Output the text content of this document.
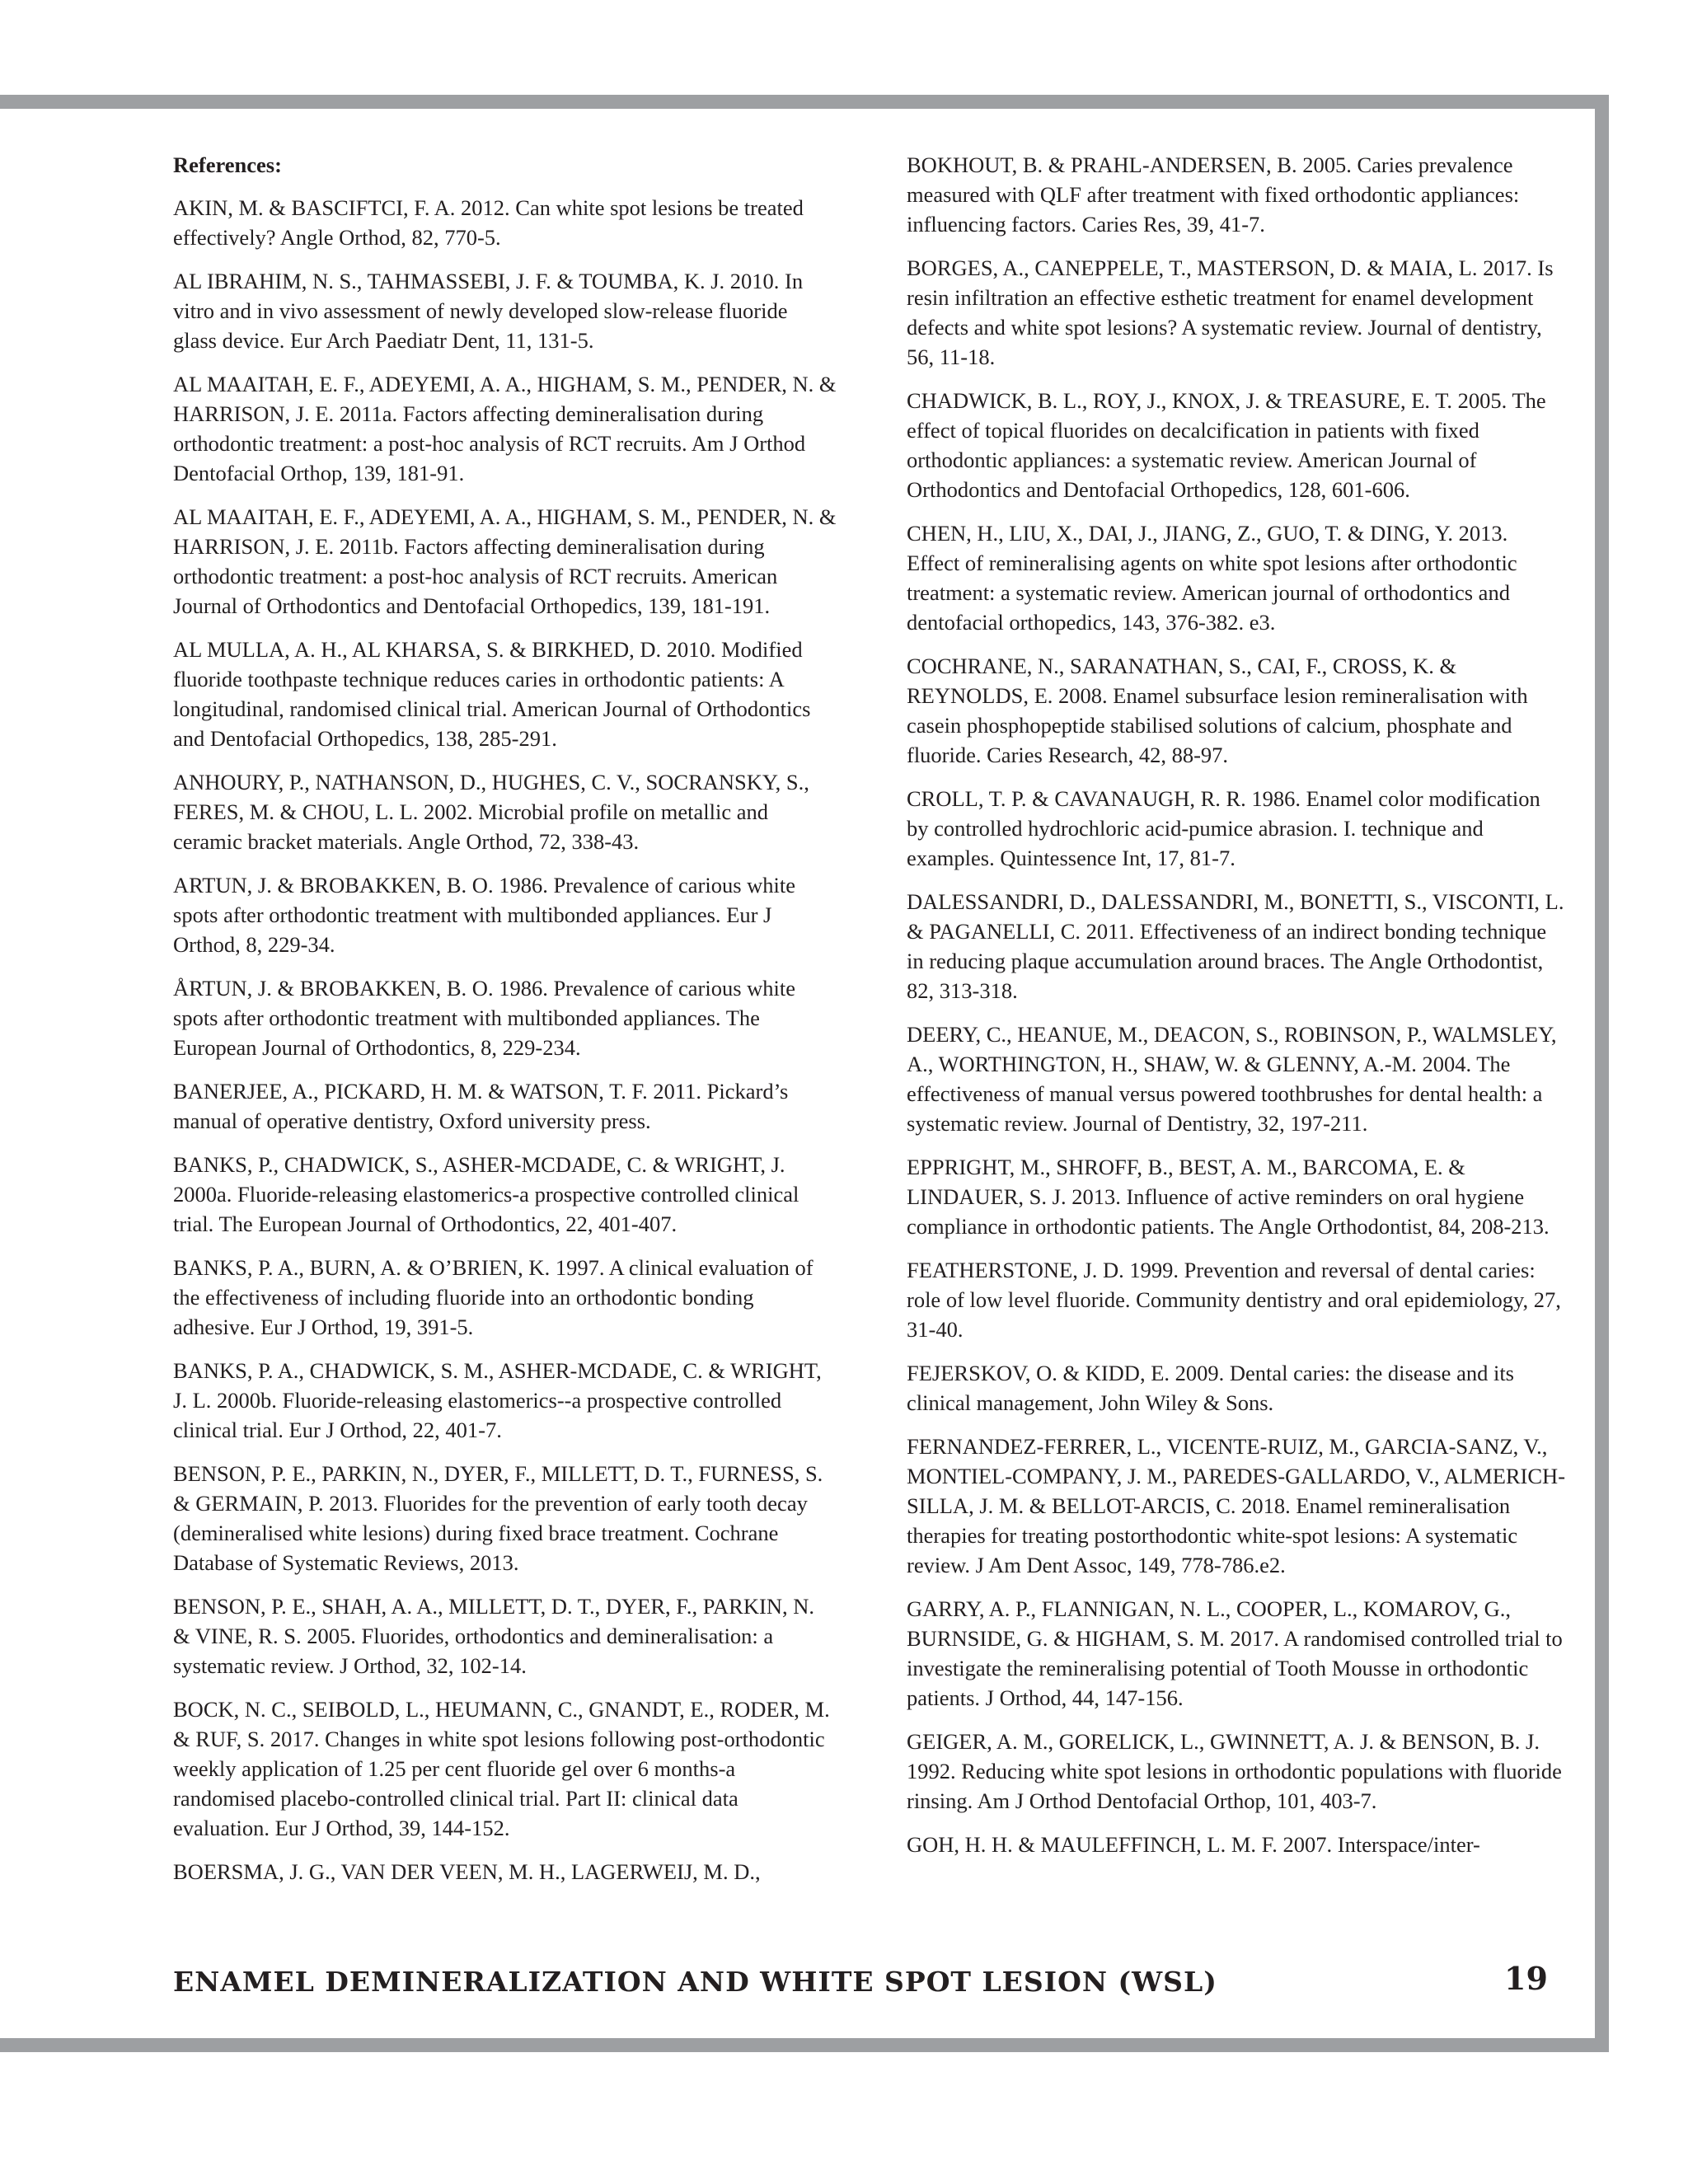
References:
AKIN, M. & BASCIFTCI, F. A. 2012. Can white spot lesions be treated effectively? Angle Orthod, 82, 770-5.
AL IBRAHIM, N. S., TAHMASSEBI, J. F. & TOUMBA, K. J. 2010. In vitro and in vivo assessment of newly developed slow-release fluoride glass device. Eur Arch Paediatr Dent, 11, 131-5.
AL MAAITAH, E. F., ADEYEMI, A. A., HIGHAM, S. M., PENDER, N. & HARRISON, J. E. 2011a. Factors affecting demineralisation during orthodontic treatment: a post-hoc analysis of RCT recruits. Am J Orthod Dentofacial Orthop, 139, 181-91.
AL MAAITAH, E. F., ADEYEMI, A. A., HIGHAM, S. M., PENDER, N. & HARRISON, J. E. 2011b. Factors affecting demineralisation during orthodontic treatment: a post-hoc analysis of RCT recruits. American Journal of Orthodontics and Dentofacial Orthopedics, 139, 181-191.
AL MULLA, A. H., AL KHARSA, S. & BIRKHED, D. 2010. Modified fluoride toothpaste technique reduces caries in orthodontic patients: A longitudinal, randomised clinical trial. American Journal of Orthodontics and Dentofacial Orthopedics, 138, 285-291.
ANHOURY, P., NATHANSON, D., HUGHES, C. V., SOCRANSKY, S., FERES, M. & CHOU, L. L. 2002. Microbial profile on metallic and ceramic bracket materials. Angle Orthod, 72, 338-43.
ARTUN, J. & BROBAKKEN, B. O. 1986. Prevalence of carious white spots after orthodontic treatment with multibonded appliances. Eur J Orthod, 8, 229-34.
ÅRTUN, J. & BROBAKKEN, B. O. 1986. Prevalence of carious white spots after orthodontic treatment with multibonded appliances. The European Journal of Orthodontics, 8, 229-234.
BANERJEE, A., PICKARD, H. M. & WATSON, T. F. 2011. Pickard’s manual of operative dentistry, Oxford university press.
BANKS, P., CHADWICK, S., ASHER-MCDADE, C. & WRIGHT, J. 2000a. Fluoride-releasing elastomerics-a prospective controlled clinical trial. The European Journal of Orthodontics, 22, 401-407.
BANKS, P. A., BURN, A. & O’BRIEN, K. 1997. A clinical evaluation of the effectiveness of including fluoride into an orthodontic bonding adhesive. Eur J Orthod, 19, 391-5.
BANKS, P. A., CHADWICK, S. M., ASHER-MCDADE, C. & WRIGHT, J. L. 2000b. Fluoride-releasing elastomerics--a prospective controlled clinical trial. Eur J Orthod, 22, 401-7.
BENSON, P. E., PARKIN, N., DYER, F., MILLETT, D. T., FURNESS, S. & GERMAIN, P. 2013. Fluorides for the prevention of early tooth decay (demineralised white lesions) during fixed brace treatment. Cochrane Database of Systematic Reviews, 2013.
BENSON, P. E., SHAH, A. A., MILLETT, D. T., DYER, F., PARKIN, N. & VINE, R. S. 2005. Fluorides, orthodontics and demineralisation: a systematic review. J Orthod, 32, 102-14.
BOCK, N. C., SEIBOLD, L., HEUMANN, C., GNANDT, E., RODER, M. & RUF, S. 2017. Changes in white spot lesions following post-orthodontic weekly application of 1.25 per cent fluoride gel over 6 months-a randomised placebo-controlled clinical trial. Part II: clinical data evaluation. Eur J Orthod, 39, 144-152.
BOERSMA, J. G., VAN DER VEEN, M. H., LAGERWEIJ, M. D.,
BOKHOUT, B. & PRAHL-ANDERSEN, B. 2005. Caries prevalence measured with QLF after treatment with fixed orthodontic appliances: influencing factors. Caries Res, 39, 41-7.
BORGES, A., CANEPPELE, T., MASTERSON, D. & MAIA, L. 2017. Is resin infiltration an effective esthetic treatment for enamel development defects and white spot lesions? A systematic review. Journal of dentistry, 56, 11-18.
CHADWICK, B. L., ROY, J., KNOX, J. & TREASURE, E. T. 2005. The effect of topical fluorides on decalcification in patients with fixed orthodontic appliances: a systematic review. American Journal of Orthodontics and Dentofacial Orthopedics, 128, 601-606.
CHEN, H., LIU, X., DAI, J., JIANG, Z., GUO, T. & DING, Y. 2013. Effect of remineralising agents on white spot lesions after orthodontic treatment: a systematic review. American journal of orthodontics and dentofacial orthopedics, 143, 376-382. e3.
COCHRANE, N., SARANATHAN, S., CAI, F., CROSS, K. & REYNOLDS, E. 2008. Enamel subsurface lesion remineralisation with casein phosphopeptide stabilised solutions of calcium, phosphate and fluoride. Caries Research, 42, 88-97.
CROLL, T. P. & CAVANAUGH, R. R. 1986. Enamel color modification by controlled hydrochloric acid-pumice abrasion. I. technique and examples. Quintessence Int, 17, 81-7.
DALESSANDRI, D., DALESSANDRI, M., BONETTI, S., VISCONTI, L. & PAGANELLI, C. 2011. Effectiveness of an indirect bonding technique in reducing plaque accumulation around braces. The Angle Orthodontist, 82, 313-318.
DEERY, C., HEANUE, M., DEACON, S., ROBINSON, P., WALMSLEY, A., WORTHINGTON, H., SHAW, W. & GLENNY, A.-M. 2004. The effectiveness of manual versus powered toothbrushes for dental health: a systematic review. Journal of Dentistry, 32, 197-211.
EPPRIGHT, M., SHROFF, B., BEST, A. M., BARCOMA, E. & LINDAUER, S. J. 2013. Influence of active reminders on oral hygiene compliance in orthodontic patients. The Angle Orthodontist, 84, 208-213.
FEATHERSTONE, J. D. 1999. Prevention and reversal of dental caries: role of low level fluoride. Community dentistry and oral epidemiology, 27, 31-40.
FEJERSKOV, O. & KIDD, E. 2009. Dental caries: the disease and its clinical management, John Wiley & Sons.
FERNANDEZ-FERRER, L., VICENTE-RUIZ, M., GARCIA-SANZ, V., MONTIEL-COMPANY, J. M., PAREDES-GALLARDO, V., ALMERICH-SILLA, J. M. & BELLOT-ARCIS, C. 2018. Enamel remineralisation therapies for treating postorthodontic white-spot lesions: A systematic review. J Am Dent Assoc, 149, 778-786.e2.
GARRY, A. P., FLANNIGAN, N. L., COOPER, L., KOMAROV, G., BURNSIDE, G. & HIGHAM, S. M. 2017. A randomised controlled trial to investigate the remineralising potential of Tooth Mousse in orthodontic patients. J Orthod, 44, 147-156.
GEIGER, A. M., GORELICK, L., GWINNETT, A. J. & BENSON, B. J. 1992. Reducing white spot lesions in orthodontic populations with fluoride rinsing. Am J Orthod Dentofacial Orthop, 101, 403-7.
GOH, H. H. & MAULEFFINCH, L. M. F. 2007. Interspace/inter-
ENAMEL DEMINERALIZATION AND WHITE SPOT LESION (WSL)	19
